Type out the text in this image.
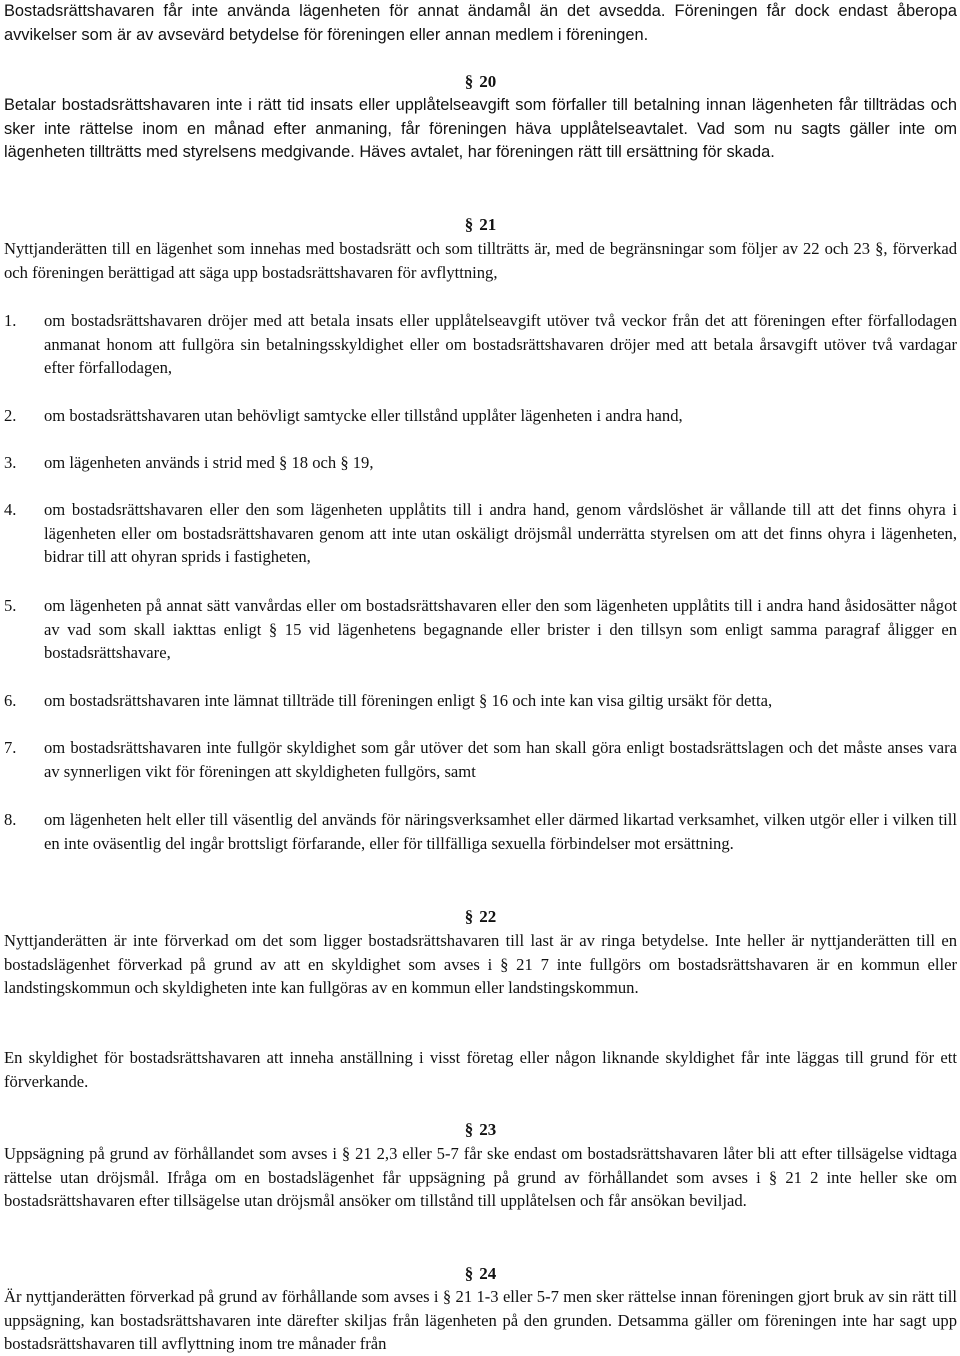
Bostadsrättshavaren får inte använda lägenheten för annat ändamål än det avsedda. Föreningen får dock endast åberopa avvikelser som är av avsevärd betydelse för föreningen eller annan medlem i föreningen.

§ 20

Betalar bostadsrättshavaren inte i rätt tid insats eller upplåtelseavgift som förfaller till betalning innan lägenheten får tillträdas och sker inte rättelse inom en månad efter anmaning, får föreningen häva upplåtelseavtalet. Vad som nu sagts gäller inte om lägenheten tillträtts med styrelsens medgivande. Häves avtalet, har föreningen rätt till ersättning för skada.

§ 21

Nyttjanderätten till en lägenhet som innehas med bostadsrätt och som tillträtts är, med de begränsningar som följer av 22 och 23 §, förverkad och föreningen berättigad att säga upp bostadsrättshavaren för avflyttning,

1.	om bostadsrättshavaren dröjer med att betala insats eller upplåtelseavgift utöver två veckor från det att föreningen efter förfallodagen anmanat honom att fullgöra sin betalningsskyldighet eller om bostadsrättshavaren dröjer med att betala årsavgift utöver två vardagar efter förfallodagen,
2.	om bostadsrättshavaren utan behövligt samtycke eller tillstånd upplåter lägenheten i andra hand,
3.	om lägenheten används i strid med § 18 och § 19,
4.	om bostadsrättshavaren eller den som lägenheten upplåtits till i andra hand, genom vårdslöshet är vållande till att det finns ohyra i lägenheten eller om bostadsrättshavaren genom att inte utan oskäligt dröjsmål underrätta styrelsen om att det finns ohyra i lägenheten, bidrar till att ohyran sprids i fastigheten,
5.	om lägenheten på annat sätt vanvårdas eller om bostadsrättshavaren eller den som lägenheten upplåtits till i andra hand åsidosätter något av vad som skall iakttas enligt § 15 vid lägenhetens begagnande eller brister i den tillsyn som enligt samma paragraf åligger en bostadsrättshavare,
6.	om bostadsrättshavaren inte lämnat tillträde till föreningen enligt § 16 och inte kan visa giltig ursäkt för detta,
7.	om bostadsrättshavaren inte fullgör skyldighet som går utöver det som han skall göra enligt bostadsrättslagen och det måste anses vara av synnerligen vikt för föreningen att skyldigheten fullgörs, samt
8.	om lägenheten helt eller till väsentlig del används för näringsverksamhet eller därmed likartad verksamhet, vilken utgör eller i vilken till en inte oväsentlig del ingår brottsligt förfarande, eller för tillfälliga sexuella förbindelser mot ersättning.
§ 22

Nyttjanderätten är inte förverkad om det som ligger bostadsrättshavaren till last är av ringa betydelse. Inte heller är nyttjanderätten till en bostadslägenhet förverkad på grund av att en skyldighet som avses i § 21 7 inte fullgörs om bostadsrättshavaren är en kommun eller landstingskommun och skyldigheten inte kan fullgöras av en kommun eller landstingskommun.

En skyldighet för bostadsrättshavaren att inneha anställning i visst företag eller någon liknande skyldighet får inte läggas till grund för ett förverkande.

§ 23

Uppsägning på grund av förhållandet som avses i § 21 2,3 eller 5-7 får ske endast om bostadsrättshavaren låter bli att efter tillsägelse vidtaga rättelse utan dröjsmål. Ifråga om en bostadslägenhet får uppsägning på grund av förhållandet som avses i § 21 2 inte heller ske om bostadsrättshavaren efter tillsägelse utan dröjsmål ansöker om tillstånd till upplåtelsen och får ansökan beviljad.

§ 24

Är nyttjanderätten förverkad på grund av förhållande som avses i § 21 1-3 eller 5-7 men sker rättelse innan föreningen gjort bruk av sin rätt till uppsägning, kan bostadsrättshavaren inte därefter skiljas från lägenheten på den grunden. Detsamma gäller om föreningen inte har sagt upp bostadsrättshavaren till avflyttning inom tre månader från
